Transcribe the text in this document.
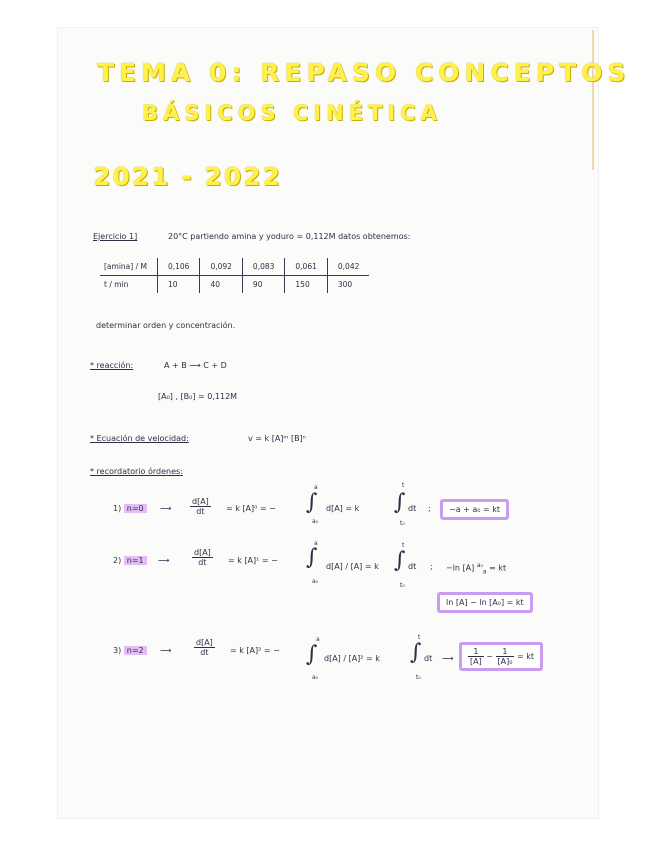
TEMA 0: REPASO CONCEPTOS
BÁSICOS CINÉTICA
2021 - 2022
Ejercicio 1]	20°C partiendo amina y yoduro = 0,112M datos obtenemos:
[amina] / M	0,106	0,092	0,083	0,061	0,042
t / min	10	40	90	150	300
determinar orden y concentración.
* reacción:	A + B ⟶ C + D
[A₀] , [B₀] = 0,112M
* Ecuación de velocidad:	v = k [A]ᵐ [B]ⁿ
* recordatorio órdenes:
1) n=0	⟶ $\frac{d[A]}{dt} = k$ [A]⁰ = − ∫
a
a₀
d[A] = k ∫
t
t₀
dt ;	−a + a₀ = kt
2) n=1	⟶	$\frac{d[A]}{dt} = k$ [A]¹ = − ∫
a
a₀
d[A] / [A] = k ∫
t
t₀
dt ; −ln [A] $^{a_0}_a$ = kt
ln [A] − ln [A₀] = kt
3) n=2	⟶	$\frac{d[A]}{dt} = k$ [A]² = − ∫
a
a₀
d[A] / [A]² = k ∫
t
t₀
dt ⟶ $\frac{1}{[A]} - \frac{1}{\text{[A]₀}}$ = kt
